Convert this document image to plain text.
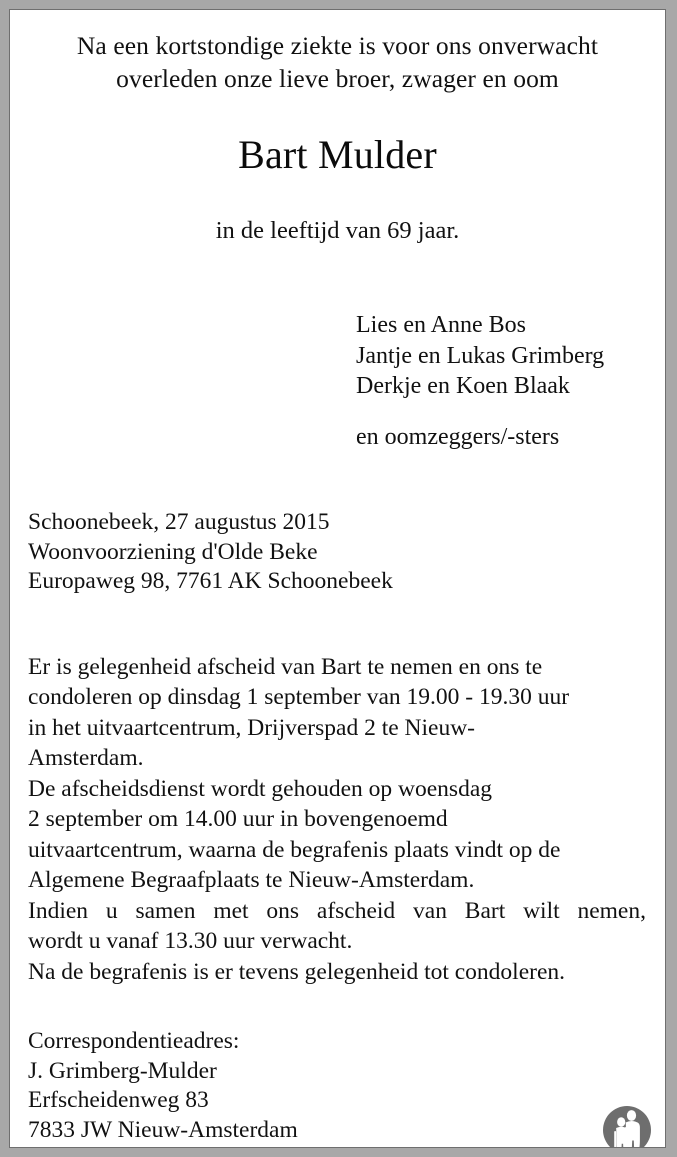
Na een kortstondige ziekte is voor ons onverwacht
overleden onze lieve broer, zwager en oom
Bart Mulder
in de leeftijd van 69 jaar.
Lies en Anne Bos
Jantje en Lukas Grimberg
Derkje en Koen Blaak
en oomzeggers/-sters
Schoonebeek, 27 augustus 2015
Woonvoorziening d'Olde Beke
Europaweg 98, 7761 AK Schoonebeek
Er is gelegenheid afscheid van Bart te nemen en ons te
condoleren op dinsdag 1 september van 19.00 - 19.30 uur
in het uitvaartcentrum, Drijverspad 2 te Nieuw-
Amsterdam.
De afscheidsdienst wordt gehouden op woensdag
2 september om 14.00 uur in bovengenoemd
uitvaartcentrum, waarna de begrafenis plaats vindt op de
Algemene Begraafplaats te Nieuw-Amsterdam.
Indien u samen met ons afscheid van Bart wilt nemen,
wordt u vanaf 13.30 uur verwacht.
Na de begrafenis is er tevens gelegenheid tot condoleren.
Correspondentieadres:
J. Grimberg-Mulder
Erfscheidenweg 83
7833 JW Nieuw-Amsterdam
